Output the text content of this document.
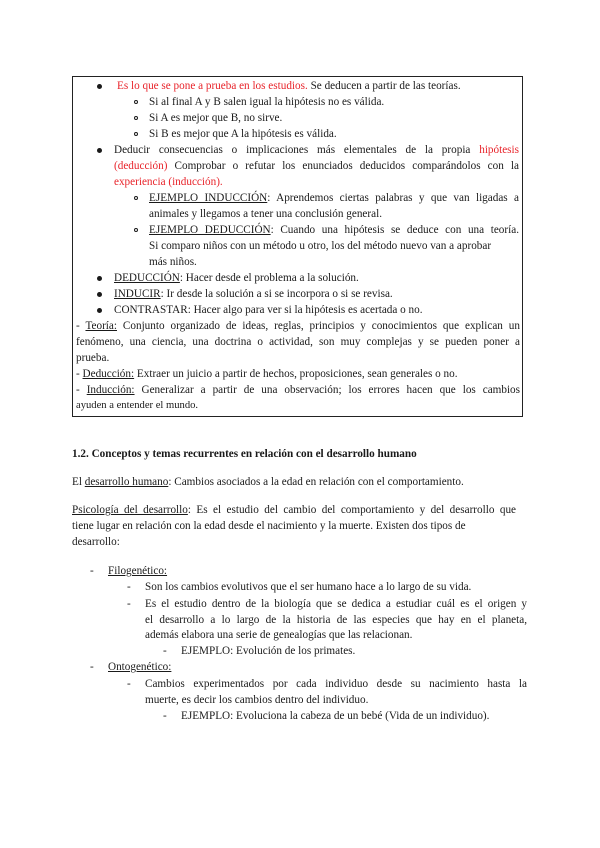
Es lo que se pone a prueba en los estudios. Se deducen a partir de las teorías.
Si al final A y B salen igual la hipótesis no es válida.
Si A es mejor que B, no sirve.
Si B es mejor que A la hipótesis es válida.
Deducir consecuencias o implicaciones más elementales de la propia hipótesis
(deducción) Comprobar o refutar los enunciados deducidos comparándolos con la
experiencia (inducción).
EJEMPLO INDUCCIÓN: Aprendemos ciertas palabras y que van ligadas a
animales y llegamos a tener una conclusión general.
EJEMPLO DEDUCCIÓN: Cuando una hipótesis se deduce con una teoría.
Si comparo niños con un método u otro, los del método nuevo van a aprobar
más niños.
DEDUCCIÓN: Hacer desde el problema a la solución.
INDUCIR: Ir desde la solución a si se incorpora o si se revisa.
CONTRASTAR: Hacer algo para ver si la hipótesis es acertada o no.
- Teoría: Conjunto organizado de ideas, reglas, principios y conocimientos que explican un
fenómeno, una ciencia, una doctrina o actividad, son muy complejas y se pueden poner a
prueba.
- Deducción: Extraer un juicio a partir de hechos, proposiciones, sean generales o no.
- Inducción: Generalizar a partir de una observación; los errores hacen que los cambios
ayuden a entender el mundo.
1.2. Conceptos y temas recurrentes en relación con el desarrollo humano
El desarrollo humano: Cambios asociados a la edad en relación con el comportamiento.
Psicología del desarrollo: Es el estudio del cambio del comportamiento y del desarrollo que
tiene lugar en relación con la edad desde el nacimiento y la muerte. Existen dos tipos de
desarrollo:
- Filogenético:
- Son los cambios evolutivos que el ser humano hace a lo largo de su vida.
- Es el estudio dentro de la biología que se dedica a estudiar cuál es el origen y
el desarrollo a lo largo de la historia de las especies que hay en el planeta,
además elabora una serie de genealogías que las relacionan.
- EJEMPLO: Evolución de los primates.
- Ontogenético:
- Cambios experimentados por cada individuo desde su nacimiento hasta la
muerte, es decir los cambios dentro del individuo.
- EJEMPLO: Evoluciona la cabeza de un bebé (Vida de un individuo).
